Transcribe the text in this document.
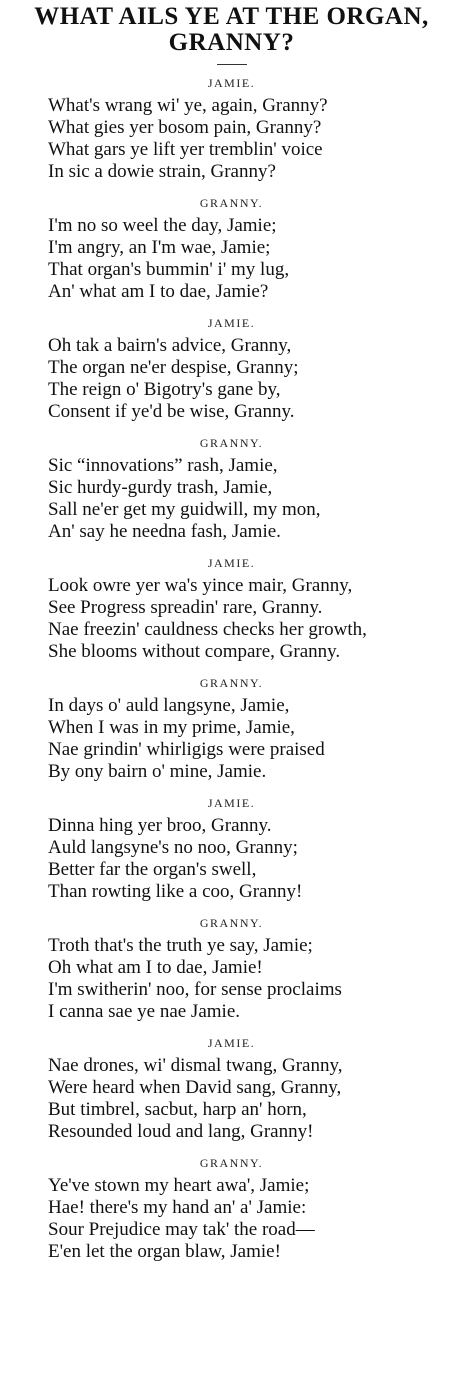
WHAT AILS YE AT THE ORGAN,
GRANNY?
JAMIE.
What's wrang wi' ye, again, Granny?
What gies yer bosom pain, Granny?
What gars ye lift yer tremblin' voice
In sic a dowie strain, Granny?
GRANNY.
I'm no so weel the day, Jamie;
I'm angry, an I'm wae, Jamie;
That organ's bummin' i' my lug,
An' what am I to dae, Jamie?
JAMIE.
Oh tak a bairn's advice, Granny,
The organ ne'er despise, Granny;
The reign o' Bigotry's gane by,
Consent if ye'd be wise, Granny.
GRANNY.
Sic “innovations” rash, Jamie,
Sic hurdy-gurdy trash, Jamie,
Sall ne'er get my guidwill, my mon,
An' say he needna fash, Jamie.
JAMIE.
Look owre yer wa's yince mair, Granny,
See Progress spreadin' rare, Granny.
Nae freezin' cauldness checks her growth,
She blooms without compare, Granny.
GRANNY.
In days o' auld langsyne, Jamie,
When I was in my prime, Jamie,
Nae grindin' whirligigs were praised
By ony bairn o' mine, Jamie.
JAMIE.
Dinna hing yer broo, Granny.
Auld langsyne's no noo, Granny;
Better far the organ's swell,
Than rowting like a coo, Granny!
GRANNY.
Troth that's the truth ye say, Jamie;
Oh what am I to dae, Jamie!
I'm switherin' noo, for sense proclaims
I canna sae ye nae Jamie.
JAMIE.
Nae drones, wi' dismal twang, Granny,
Were heard when David sang, Granny,
But timbrel, sacbut, harp an' horn,
Resounded loud and lang, Granny!
GRANNY.
Ye've stown my heart awa', Jamie;
Hae! there's my hand an' a' Jamie:
Sour Prejudice may tak' the road—
E'en let the organ blaw, Jamie!
